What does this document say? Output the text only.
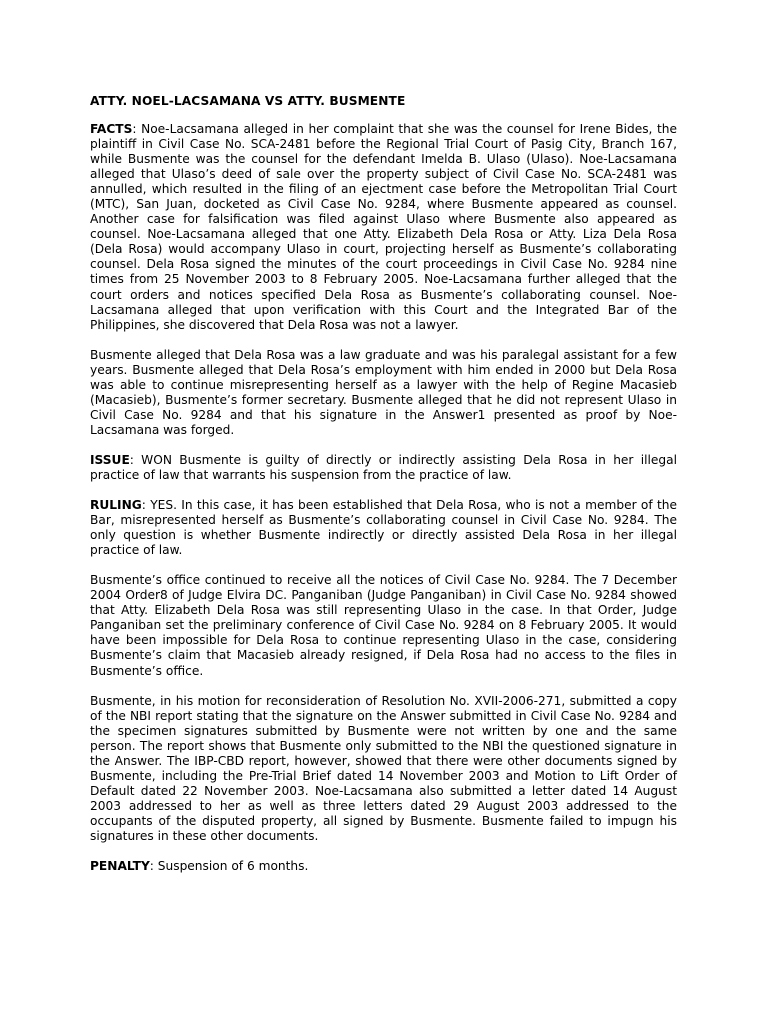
ATTY. NOEL-LACSAMANA VS ATTY. BUSMENTE

FACTS: Noe-Lacsamana alleged in her complaint that she was the counsel for Irene Bides, the plaintiff in Civil Case No. SCA-2481 before the Regional Trial Court of Pasig City, Branch 167, while Busmente was the counsel for the defendant Imelda B. Ulaso (Ulaso). Noe-Lacsamana alleged that Ulaso’s deed of sale over the property subject of Civil Case No. SCA-2481 was annulled, which resulted in the filing of an ejectment case before the Metropolitan Trial Court (MTC), San Juan, docketed as Civil Case No. 9284, where Busmente appeared as counsel. Another case for falsification was filed against Ulaso where Busmente also appeared as counsel. Noe-Lacsamana alleged that one Atty. Elizabeth Dela Rosa or Atty. Liza Dela Rosa (Dela Rosa) would accompany Ulaso in court, projecting herself as Busmente’s collaborating counsel. Dela Rosa signed the minutes of the court proceedings in Civil Case No. 9284 nine times from 25 November 2003 to 8 February 2005. Noe-Lacsamana further alleged that the court orders and notices specified Dela Rosa as Busmente’s collaborating counsel. Noe-Lacsamana alleged that upon verification with this Court and the Integrated Bar of the Philippines, she discovered that Dela Rosa was not a lawyer.

Busmente alleged that Dela Rosa was a law graduate and was his paralegal assistant for a few years. Busmente alleged that Dela Rosa’s employment with him ended in 2000 but Dela Rosa was able to continue misrepresenting herself as a lawyer with the help of Regine Macasieb (Macasieb), Busmente’s former secretary. Busmente alleged that he did not represent Ulaso in Civil Case No. 9284 and that his signature in the Answer1 presented as proof by Noe-Lacsamana was forged.

ISSUE: WON Busmente is guilty of directly or indirectly assisting Dela Rosa in her illegal practice of law that warrants his suspension from the practice of law.

RULING: YES. In this case, it has been established that Dela Rosa, who is not a member of the Bar, misrepresented herself as Busmente’s collaborating counsel in Civil Case No. 9284. The only question is whether Busmente indirectly or directly assisted Dela Rosa in her illegal practice of law.

Busmente’s office continued to receive all the notices of Civil Case No. 9284. The 7 December 2004 Order8 of Judge Elvira DC. Panganiban (Judge Panganiban) in Civil Case No. 9284 showed that Atty. Elizabeth Dela Rosa was still representing Ulaso in the case. In that Order, Judge Panganiban set the preliminary conference of Civil Case No. 9284 on 8 February 2005. It would have been impossible for Dela Rosa to continue representing Ulaso in the case, considering Busmente’s claim that Macasieb already resigned, if Dela Rosa had no access to the files in Busmente’s office.

Busmente, in his motion for reconsideration of Resolution No. XVII-2006-271, submitted a copy of the NBI report stating that the signature on the Answer submitted in Civil Case No. 9284 and the specimen signatures submitted by Busmente were not written by one and the same person. The report shows that Busmente only submitted to the NBI the questioned signature in the Answer. The IBP-CBD report, however, showed that there were other documents signed by Busmente, including the Pre-Trial Brief dated 14 November 2003 and Motion to Lift Order of Default dated 22 November 2003. Noe-Lacsamana also submitted a letter dated 14 August 2003 addressed to her as well as three letters dated 29 August 2003 addressed to the occupants of the disputed property, all signed by Busmente. Busmente failed to impugn his signatures in these other documents.

PENALTY: Suspension of 6 months.
